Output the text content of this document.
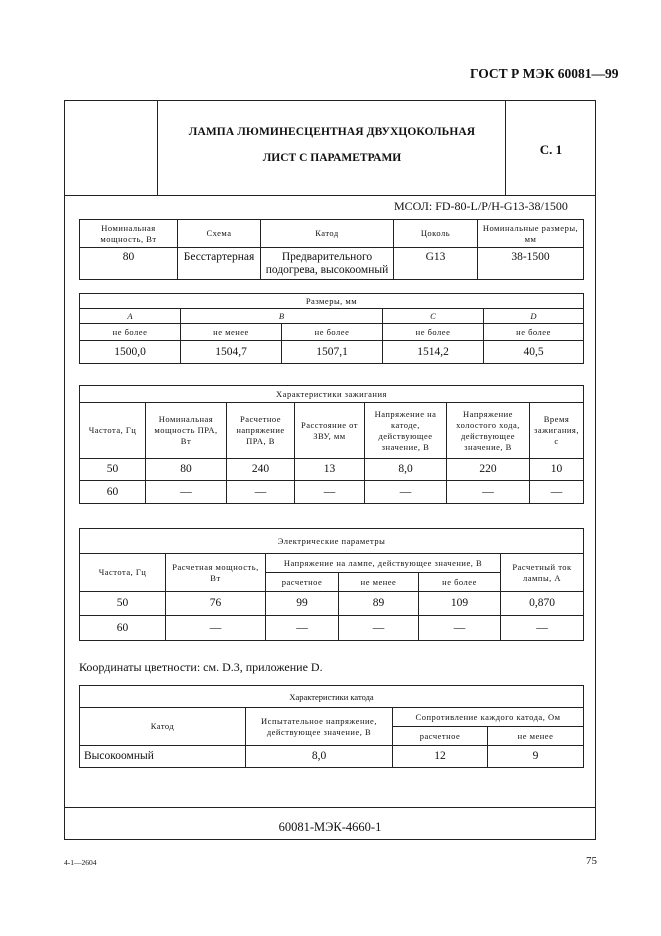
ГОСТ Р МЭК 60081—99
ЛАМПА ЛЮМИНЕСЦЕНТНАЯ ДВУХЦОКОЛЬНАЯ
ЛИСТ С ПАРАМЕТРАМИ
С. 1
МСОЛ: FD-80-L/P/H-G13-38/1500
Номинальная мощность, Вт	Схема	Катод	Цоколь	Номинальные размеры, мм
80	Бесстартерная	Предварительного подогрева, высокоомный	G13	38-1500
Размеры, мм				
A	B		C	D
не более	не менее	не более	не более	не более
1500,0	1504,7	1507,1	1514,2	40,5
Характеристики зажигания						
Частота, Гц	Номинальная мощность ПРА, Вт	Расчетное напряжение ПРА, В	Расстояние от ЗВУ, мм	Напряжение на катоде, действующее значение, В	Напряжение холостого хода, действующее значение, В	Время зажигания, с
50	80	240	13	8,0	220	10
60	—	—	—	—	—	—
Электрические параметры					
Частота, Гц	Расчетная мощность, Вт	Напряжение на лампе, действующее значение, В			Расчетный ток лампы, А
		расчетное	не менее	не более	
50	76	99	89	109	0,870
60	—	—	—	—	—
Координаты цветности: см. D.3, приложение D.
Характеристики катода			
Катод	Испытательное напряжение, действующее значение, В	Сопротивление каждого катода, Ом	
		расчетное	не менее
Высокоомный	8,0	12	9
60081-МЭК-4660-1
4-1—2604	75
